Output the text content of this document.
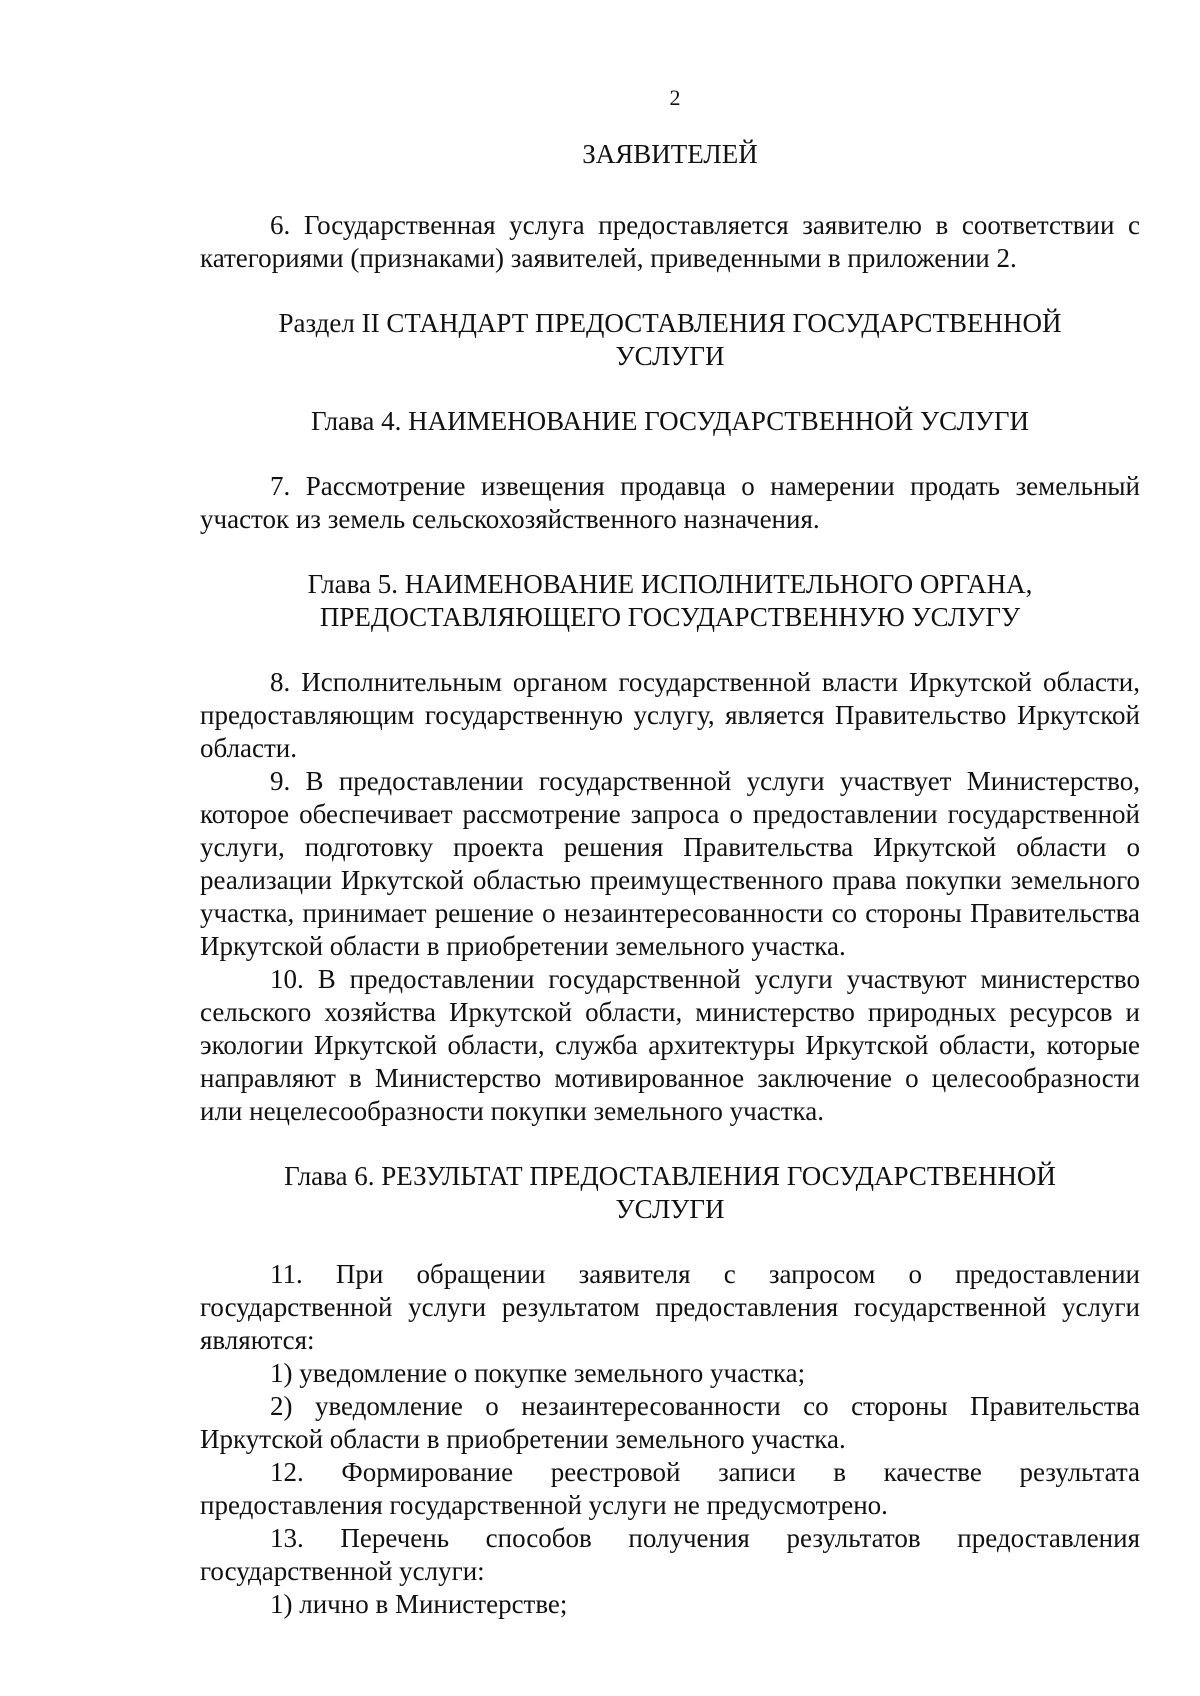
2
ЗАЯВИТЕЛЕЙ

6. Государственная услуга предоставляется заявителю в соответствии с категориями (признаками) заявителей, приведенными в приложении 2.

Раздел II СТАНДАРТ ПРЕДОСТАВЛЕНИЯ ГОСУДАРСТВЕННОЙ
УСЛУГИ
Глава 4. НАИМЕНОВАНИЕ ГОСУДАРСТВЕННОЙ УСЛУГИ

7. Рассмотрение извещения продавца о намерении продать земельный участок из земель сельскохозяйственного назначения.

Глава 5. НАИМЕНОВАНИЕ ИСПОЛНИТЕЛЬНОГО ОРГАНА,
ПРЕДОСТАВЛЯЮЩЕГО ГОСУДАРСТВЕННУЮ УСЛУГУ

8. Исполнительным органом государственной власти Иркутской области, предоставляющим государственную услугу, является Правительство Иркутской области.

9. В предоставлении государственной услуги участвует Министерство, которое обеспечивает рассмотрение запроса о предоставлении государственной услуги, подготовку проекта решения Правительства Иркутской области о реализации Иркутской областью преимущественного права покупки земельного участка, принимает решение о незаинтересованности со стороны Правительства Иркутской области в приобретении земельного участка.

10. В предоставлении государственной услуги участвуют министерство сельского хозяйства Иркутской области, министерство природных ресурсов и экологии Иркутской области, служба архитектуры Иркутской области, которые направляют в Министерство мотивированное заключение о целесообразности или нецелесообразности покупки земельного участка.

Глава 6. РЕЗУЛЬТАТ ПРЕДОСТАВЛЕНИЯ ГОСУДАРСТВЕННОЙ
УСЛУГИ

11. При обращении заявителя с запросом о предоставлении государственной услуги результатом предоставления государственной услуги являются:

1) уведомление о покупке земельного участка;

2) уведомление о незаинтересованности со стороны Правительства Иркутской области в приобретении земельного участка.

12. Формирование реестровой записи в качестве результата предоставления государственной услуги не предусмотрено.

13. Перечень способов получения результатов предоставления государственной услуги:

1) лично в Министерстве;
